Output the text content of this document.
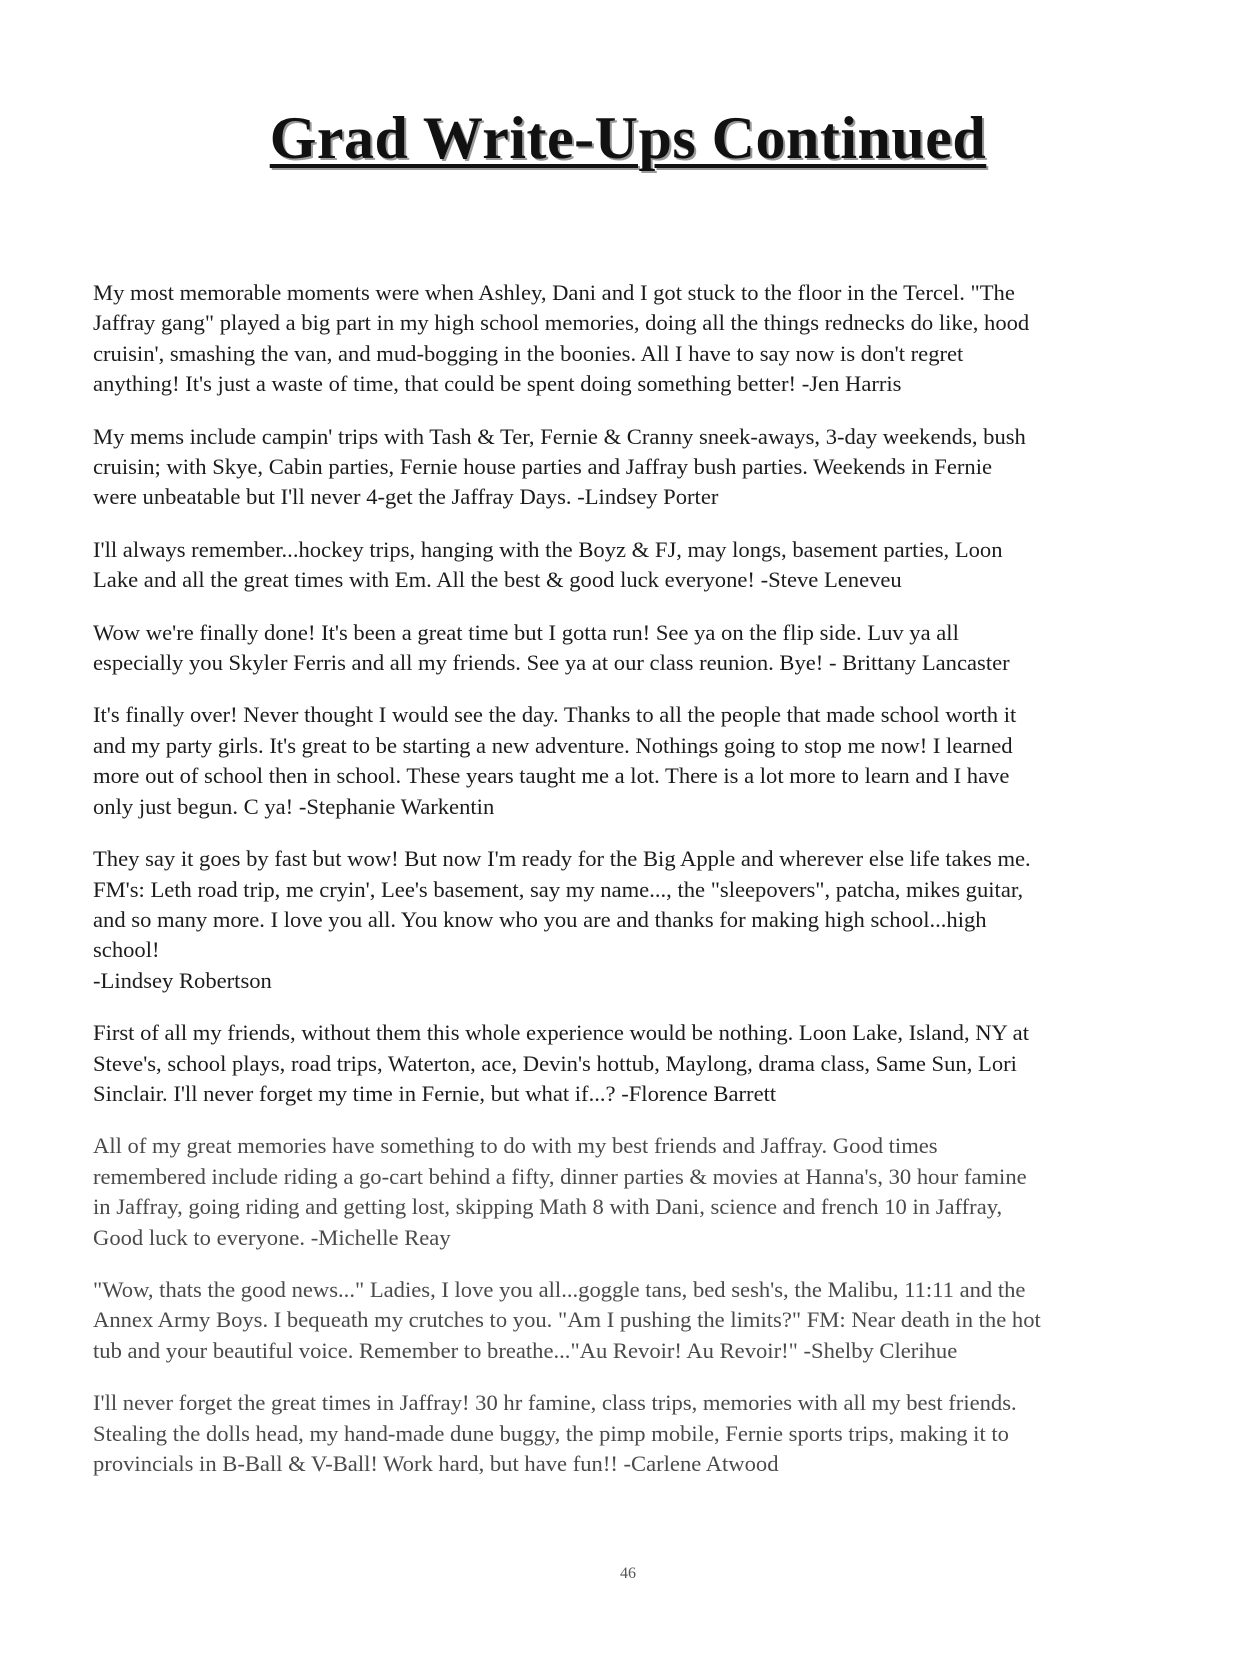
Grad Write-Ups Continued

My most memorable moments were when Ashley, Dani and I got stuck to the floor in the Tercel. "The
Jaffray gang" played a big part in my high school memories, doing all the things rednecks do like, hood
cruisin', smashing the van, and mud-bogging in the boonies. All I have to say now is don't regret
anything! It's just a waste of time, that could be spent doing something better! -Jen Harris

My mems include campin' trips with Tash & Ter, Fernie & Cranny sneek-aways, 3-day weekends, bush
cruisin; with Skye, Cabin parties, Fernie house parties and Jaffray bush parties. Weekends in Fernie
were unbeatable but I'll never 4-get the Jaffray Days. -Lindsey Porter

I'll always remember...hockey trips, hanging with the Boyz & FJ, may longs, basement parties, Loon
Lake and all the great times with Em. All the best & good luck everyone! -Steve Leneveu

Wow we're finally done! It's been a great time but I gotta run! See ya on the flip side. Luv ya all
especially you Skyler Ferris and all my friends. See ya at our class reunion. Bye! - Brittany Lancaster

It's finally over! Never thought I would see the day. Thanks to all the people that made school worth it
and my party girls. It's great to be starting a new adventure. Nothings going to stop me now! I learned
more out of school then in school. These years taught me a lot. There is a lot more to learn and I have
only just begun. C ya! -Stephanie Warkentin

They say it goes by fast but wow! But now I'm ready for the Big Apple and wherever else life takes me.
FM's: Leth road trip, me cryin', Lee's basement, say my name..., the "sleepovers", patcha, mikes guitar,
and so many more. I love you all. You know who you are and thanks for making high school...high
school!
-Lindsey Robertson

First of all my friends, without them this whole experience would be nothing. Loon Lake, Island, NY at
Steve's, school plays, road trips, Waterton, ace, Devin's hottub, Maylong, drama class, Same Sun, Lori
Sinclair. I'll never forget my time in Fernie, but what if...? -Florence Barrett

All of my great memories have something to do with my best friends and Jaffray. Good times
remembered include riding a go-cart behind a fifty, dinner parties & movies at Hanna's, 30 hour famine
in Jaffray, going riding and getting lost, skipping Math 8 with Dani, science and french 10 in Jaffray,
Good luck to everyone. -Michelle Reay

"Wow, thats the good news..." Ladies, I love you all...goggle tans, bed sesh's, the Malibu, 11:11 and the
Annex Army Boys. I bequeath my crutches to you. "Am I pushing the limits?" FM: Near death in the hot
tub and your beautiful voice. Remember to breathe..."Au Revoir! Au Revoir!" -Shelby Clerihue

I'll never forget the great times in Jaffray! 30 hr famine, class trips, memories with all my best friends.
Stealing the dolls head, my hand-made dune buggy, the pimp mobile, Fernie sports trips, making it to
provincials in B-Ball & V-Ball! Work hard, but have fun!! -Carlene Atwood

46
